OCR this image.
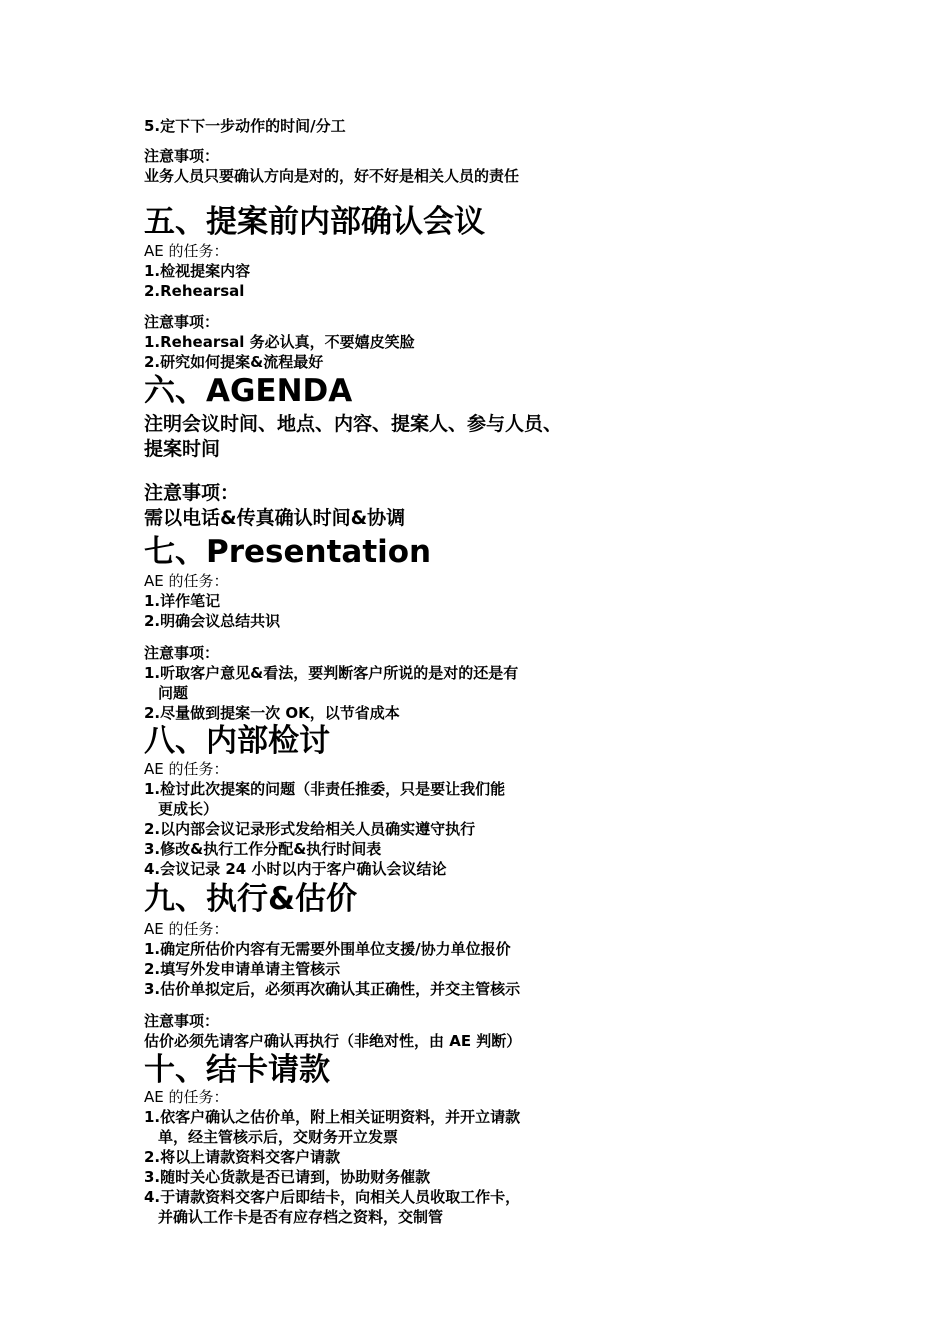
5.定下下一步动作的时间/分工

注意事项：

业务人员只要确认方向是对的，好不好是相关人员的责任

五、提案前内部确认会议

AE 的任务：

1.检视提案内容

2.Rehearsal

注意事项：

1.Rehearsal 务必认真，不要嬉皮笑脸

2.研究如何提案&流程最好

六、AGENDA

注明会议时间、地点、内容、提案人、参与人员、

提案时间

注意事项：

需以电话&传真确认时间&协调

七、Presentation

AE 的任务：

1.详作笔记

2.明确会议总结共识

注意事项：

1.听取客户意见&看法，要判断客户所说的是对的还是有

问题

2.尽量做到提案一次 OK，以节省成本

八、内部检讨

AE 的任务：

1.检讨此次提案的问题（非责任推委，只是要让我们能

更成长）

2.以内部会议记录形式发给相关人员确实遵守执行

3.修改&执行工作分配&执行时间表

4.会议记录 24 小时以内于客户确认会议结论

九、执行&估价

AE 的任务：

1.确定所估价内容有无需要外围单位支援/协力单位报价

2.填写外发申请单请主管核示

3.估价单拟定后，必须再次确认其正确性，并交主管核示

注意事项：

估价必须先请客户确认再执行（非绝对性，由 AE 判断）

十、结卡请款

AE 的任务：

1.依客户确认之估价单，附上相关证明资料，并开立请款

单，经主管核示后，交财务开立发票

2.将以上请款资料交客户请款

3.随时关心货款是否已请到，协助财务催款

4.于请款资料交客户后即结卡，向相关人员收取工作卡，

并确认工作卡是否有应存档之资料，交制管
